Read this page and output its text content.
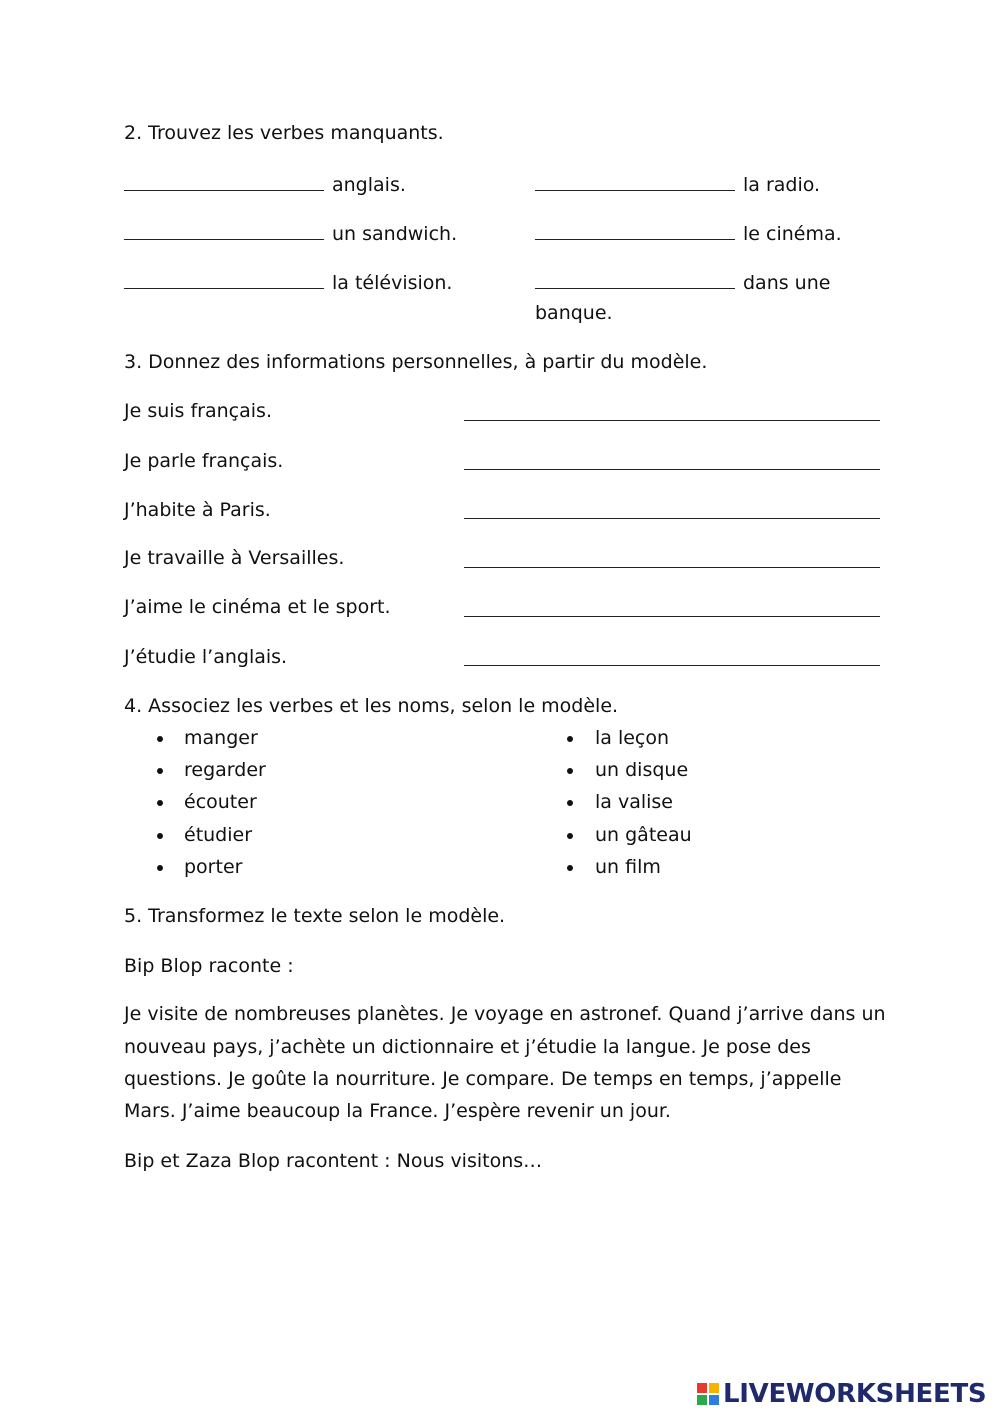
2. Trouvez les verbes manquants.
anglais.	la radio.
un sandwich.	le cinéma.
la télévision.	dans une
banque.
3. Donnez des informations personnelles, à partir du modèle.
Je suis français.
Je parle français.
J’habite à Paris.
Je travaille à Versailles.
J’aime le cinéma et le sport.
J’étudie l’anglais.
4. Associez les verbes et les noms, selon le modèle.
manger
regarder
écouter
étudier
porter
la leçon
un disque
la valise
un gâteau
un film
5. Transformez le texte selon le modèle.
Bip Blop raconte :
Je visite de nombreuses planètes. Je voyage en astronef. Quand j’arrive dans un
nouveau pays, j’achète un dictionnaire et j’étudie la langue. Je pose des
questions. Je goûte la nourriture. Je compare. De temps en temps, j’appelle
Mars. J’aime beaucoup la France. J’espère revenir un jour.
Bip et Zaza Blop racontent : Nous visitons…
LIVEWORKSHEETS
